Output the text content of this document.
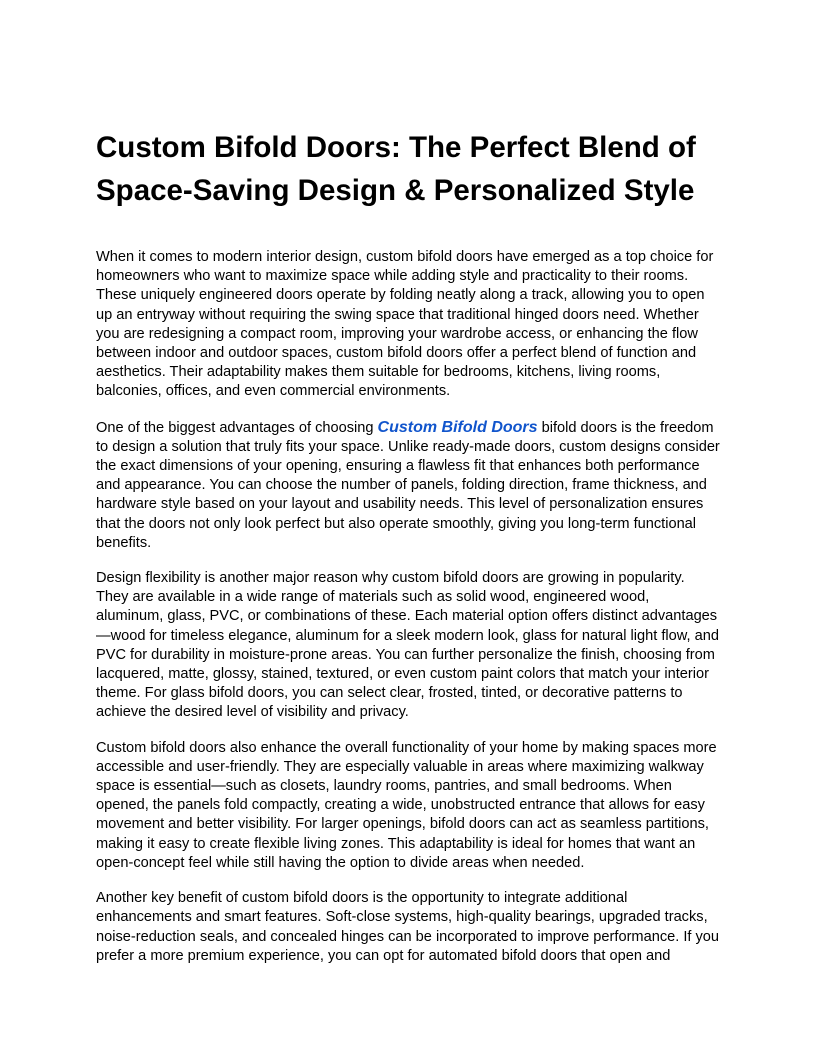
Custom Bifold Doors: The Perfect Blend of Space-Saving Design & Personalized Style

When it comes to modern interior design, custom bifold doors have emerged as a top choice for homeowners who want to maximize space while adding style and practicality to their rooms. These uniquely engineered doors operate by folding neatly along a track, allowing you to open up an entryway without requiring the swing space that traditional hinged doors need. Whether you are redesigning a compact room, improving your wardrobe access, or enhancing the flow between indoor and outdoor spaces, custom bifold doors offer a perfect blend of function and aesthetics. Their adaptability makes them suitable for bedrooms, kitchens, living rooms, balconies, offices, and even commercial environments.

One of the biggest advantages of choosing Custom Bifold Doors bifold doors is the freedom to design a solution that truly fits your space. Unlike ready-made doors, custom designs consider the exact dimensions of your opening, ensuring a flawless fit that enhances both performance and appearance. You can choose the number of panels, folding direction, frame thickness, and hardware style based on your layout and usability needs. This level of personalization ensures that the doors not only look perfect but also operate smoothly, giving you long-term functional benefits.

Design flexibility is another major reason why custom bifold doors are growing in popularity. They are available in a wide range of materials such as solid wood, engineered wood, aluminum, glass, PVC, or combinations of these. Each material option offers distinct advantages—wood for timeless elegance, aluminum for a sleek modern look, glass for natural light flow, and PVC for durability in moisture-prone areas. You can further personalize the finish, choosing from lacquered, matte, glossy, stained, textured, or even custom paint colors that match your interior theme. For glass bifold doors, you can select clear, frosted, tinted, or decorative patterns to achieve the desired level of visibility and privacy.

Custom bifold doors also enhance the overall functionality of your home by making spaces more accessible and user-friendly. They are especially valuable in areas where maximizing walkway space is essential—such as closets, laundry rooms, pantries, and small bedrooms. When opened, the panels fold compactly, creating a wide, unobstructed entrance that allows for easy movement and better visibility. For larger openings, bifold doors can act as seamless partitions, making it easy to create flexible living zones. This adaptability is ideal for homes that want an open-concept feel while still having the option to divide areas when needed.

Another key benefit of custom bifold doors is the opportunity to integrate additional enhancements and smart features. Soft-close systems, high-quality bearings, upgraded tracks, noise-reduction seals, and concealed hinges can be incorporated to improve performance. If you prefer a more premium experience, you can opt for automated bifold doors that open and
